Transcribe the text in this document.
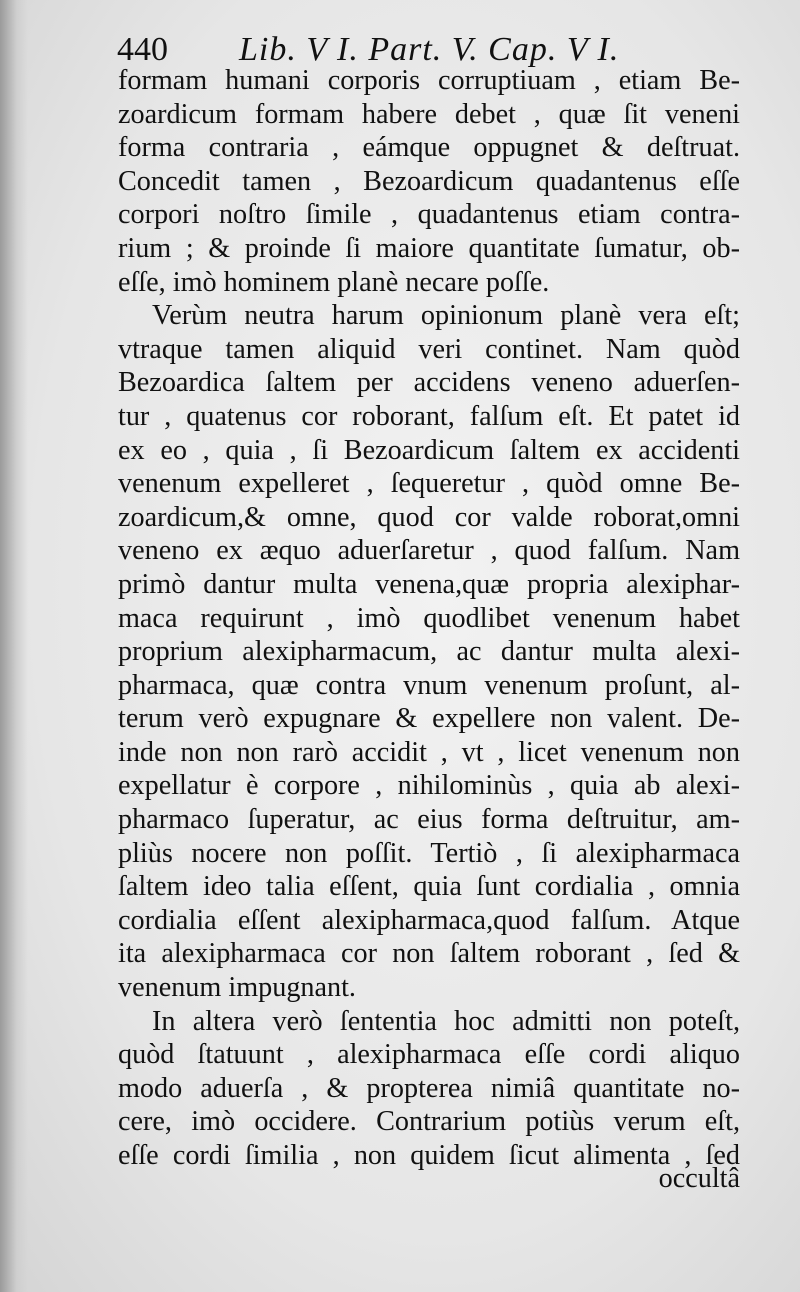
440 Lib. V I. Part. V. Cap. V I.
formam humani corporis corruptiuam , etiam Be-
zoardicum formam habere debet , quæ ſit veneni
forma contraria , eámque oppugnet & deſtruat.
Concedit tamen , Bezoardicum quadantenus eſſe
corpori noſtro ſimile , quadantenus etiam contra-
rium ; & proinde ſi maiore quantitate ſumatur, ob-
eſſe, imò hominem planè necare poſſe.
Verùm neutra harum opinionum planè vera eſt;
vtraque tamen aliquid veri continet. Nam quòd
Bezoardica ſaltem per accidens veneno aduerſen-
tur , quatenus cor roborant, falſum eſt. Et patet id
ex eo , quia , ſi Bezoardicum ſaltem ex accidenti
venenum expelleret , ſequeretur , quòd omne Be-
zoardicum,& omne, quod cor valde roborat,omni
veneno ex æquo aduerſaretur , quod falſum. Nam
primò dantur multa venena,quæ propria alexiphar-
maca requirunt , imò quodlibet venenum habet
proprium alexipharmacum, ac dantur multa alexi-
pharmaca, quæ contra vnum venenum proſunt, al-
terum verò expugnare & expellere non valent. De-
inde non non rarò accidit , vt , licet venenum non
expellatur è corpore , nihilominùs , quia ab alexi-
pharmaco ſuperatur, ac eius forma deſtruitur, am-
pliùs nocere non poſſit. Tertiò , ſi alexipharmaca
ſaltem ideo talia eſſent, quia ſunt cordialia , omnia
cordialia eſſent alexipharmaca,quod falſum. Atque
ita alexipharmaca cor non ſaltem roborant , ſed &
venenum impugnant.
In altera verò ſententia hoc admitti non poteſt,
quòd ſtatuunt , alexipharmaca eſſe cordi aliquo
modo aduerſa , & propterea nimiâ quantitate no-
cere, imò occidere. Contrarium potiùs verum eſt,
eſſe cordi ſimilia , non quidem ſicut alimenta , ſed
occultâ
